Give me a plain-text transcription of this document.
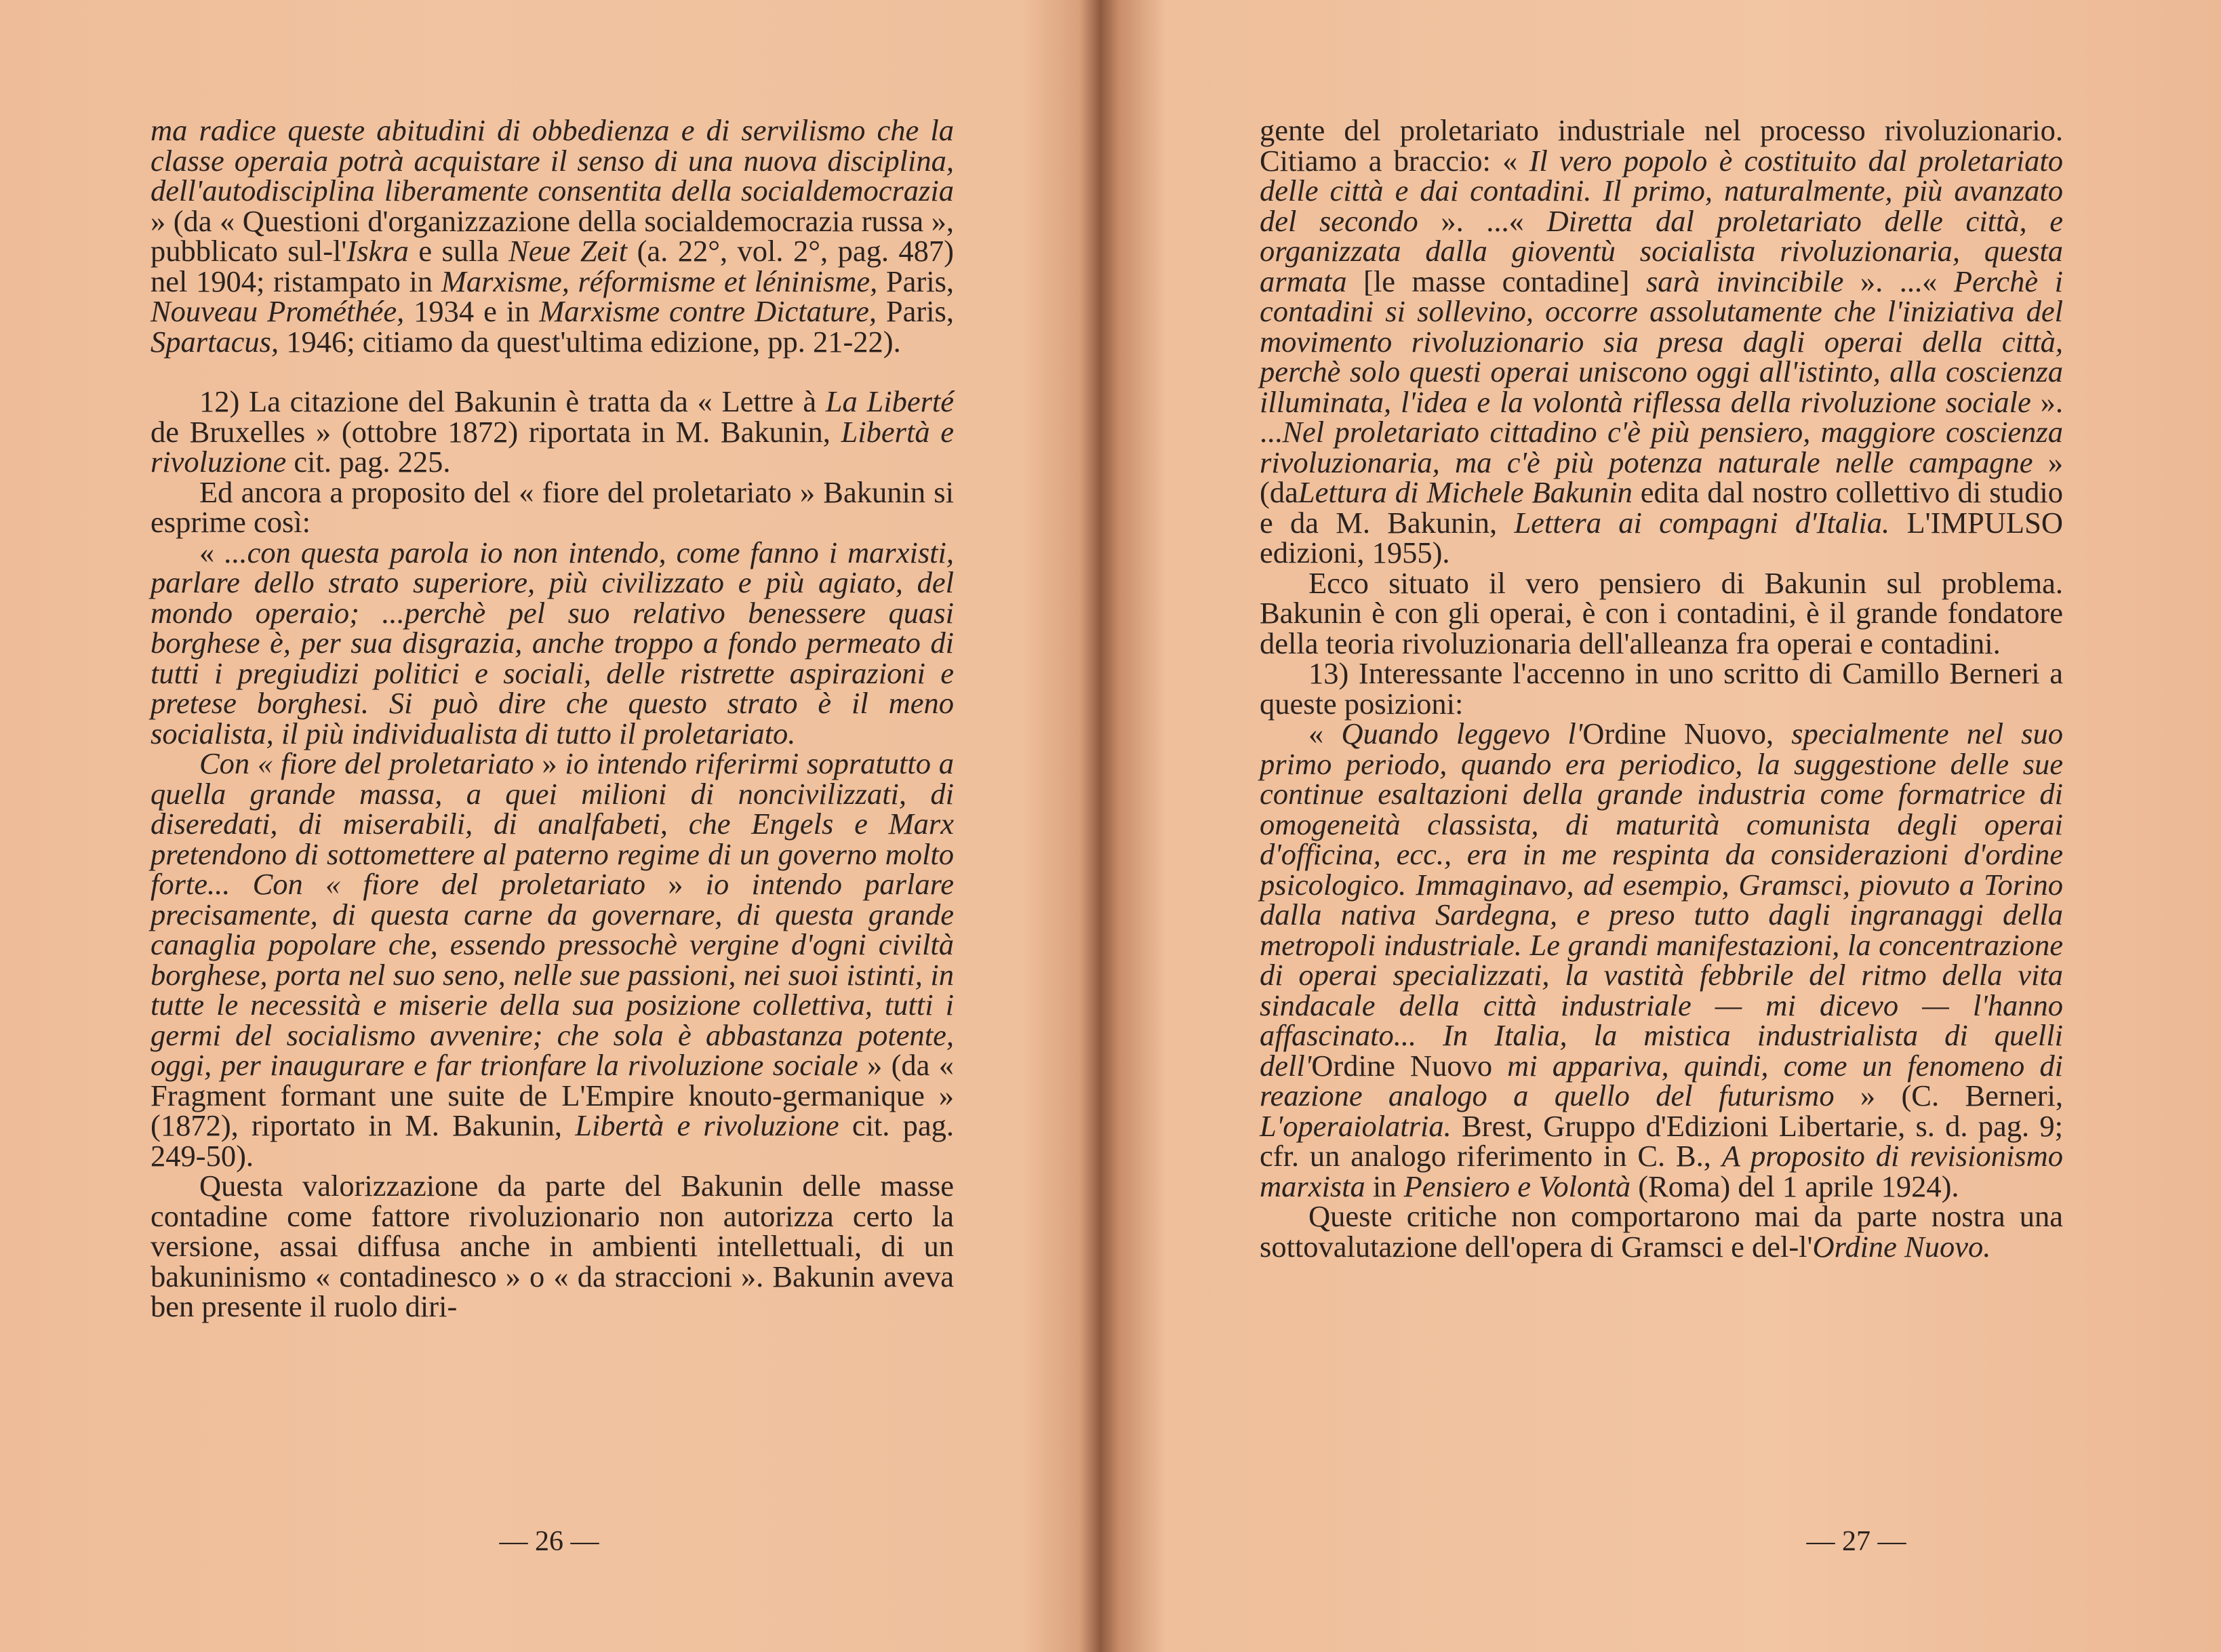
ma radice queste abitudini di obbedienza e di servilismo che la classe operaia potrà acquistare il senso di una nuova disciplina, dell'autodisciplina liberamente consentita della socialdemocrazia » (da « Questioni d'organizzazione della socialdemocrazia russa », pubblicato sul-l'Iskra e sulla Neue Zeit (a. 22°, vol. 2°, pag. 487) nel 1904; ristampato in Marxisme, réformisme et léninisme, Paris, Nouveau Prométhée, 1934 e in Marxisme contre Dictature, Paris, Spartacus, 1946; citiamo da quest'ultima edizione, pp. 21-22).

12) La citazione del Bakunin è tratta da « Lettre à La Liberté de Bruxelles » (ottobre 1872) riportata in M. Bakunin, Libertà e rivoluzione cit. pag. 225.

Ed ancora a proposito del « fiore del proletariato » Bakunin si esprime così:

« ...con questa parola io non intendo, come fanno i marxisti, parlare dello strato superiore, più civilizzato e più agiato, del mondo operaio; ...perchè pel suo relativo benessere quasi borghese è, per sua disgrazia, anche troppo a fondo permeato di tutti i pregiudizi politici e sociali, delle ristrette aspirazioni e pretese borghesi. Si può dire che questo strato è il meno socialista, il più individualista di tutto il proletariato.

Con « fiore del proletariato » io intendo riferirmi sopratutto a quella grande massa, a quei milioni di noncivilizzati, di diseredati, di miserabili, di analfabeti, che Engels e Marx pretendono di sottomettere al paterno regime di un governo molto forte... Con « fiore del proletariato » io intendo parlare precisamente, di questa carne da governare, di questa grande canaglia popolare che, essendo pressochè vergine d'ogni civiltà borghese, porta nel suo seno, nelle sue passioni, nei suoi istinti, in tutte le necessità e miserie della sua posizione collettiva, tutti i germi del socialismo avvenire; che sola è abbastanza potente, oggi, per inaugurare e far trionfare la rivoluzione sociale » (da « Fragment formant une suite de L'Empire knouto-germanique » (1872), riportato in M. Bakunin, Libertà e rivoluzione cit. pag. 249-50).

Questa valorizzazione da parte del Bakunin delle masse contadine come fattore rivoluzionario non autorizza certo la versione, assai diffusa anche in ambienti intellettuali, di un bakuninismo « contadinesco » o « da straccioni ». Bakunin aveva ben presente il ruolo diri-

— 26 —

gente del proletariato industriale nel processo rivoluzionario. Citiamo a braccio: « Il vero popolo è costituito dal proletariato delle città e dai contadini. Il primo, naturalmente, più avanzato del secondo ». ...« Diretta dal proletariato delle città, e organizzata dalla gioventù socialista rivoluzionaria, questa armata [le masse contadine] sarà invincibile ». ...« Perchè i contadini si sollevino, occorre assolutamente che l'iniziativa del movimento rivoluzionario sia presa dagli operai della città, perchè solo questi operai uniscono oggi all'istinto, alla coscienza illuminata, l'idea e la volontà riflessa della rivoluzione sociale ». ...Nel proletariato cittadino c'è più pensiero, maggiore coscienza rivoluzionaria, ma c'è più potenza naturale nelle campagne » (daLettura di Michele Bakunin edita dal nostro collettivo di studio e da M. Bakunin, Lettera ai compagni d'Italia. L'IMPULSO edizioni, 1955).

Ecco situato il vero pensiero di Bakunin sul problema. Bakunin è con gli operai, è con i contadini, è il grande fondatore della teoria rivoluzionaria dell'alleanza fra operai e contadini.

13) Interessante l'accenno in uno scritto di Camillo Berneri a queste posizioni:

« Quando leggevo l'Ordine Nuovo, specialmente nel suo primo periodo, quando era periodico, la suggestione delle sue continue esaltazioni della grande industria come formatrice di omogeneità classista, di maturità comunista degli operai d'officina, ecc., era in me respinta da considerazioni d'ordine psicologico. Immaginavo, ad esempio, Gramsci, piovuto a Torino dalla nativa Sardegna, e preso tutto dagli ingranaggi della metropoli industriale. Le grandi manifestazioni, la concentrazione di operai specializzati, la vastità febbrile del ritmo della vita sindacale della città industriale — mi dicevo — l'hanno affascinato... In Italia, la mistica industrialista di quelli dell'Ordine Nuovo mi appariva, quindi, come un fenomeno di reazione analogo a quello del futurismo » (C. Berneri, L'operaiolatria. Brest, Gruppo d'Edizioni Libertarie, s. d. pag. 9; cfr. un analogo riferimento in C. B., A proposito di revisionismo marxista in Pensiero e Volontà (Roma) del 1 aprile 1924).

Queste critiche non comportarono mai da parte nostra una sottovalutazione dell'opera di Gramsci e del-l'Ordine Nuovo.

— 27 —
